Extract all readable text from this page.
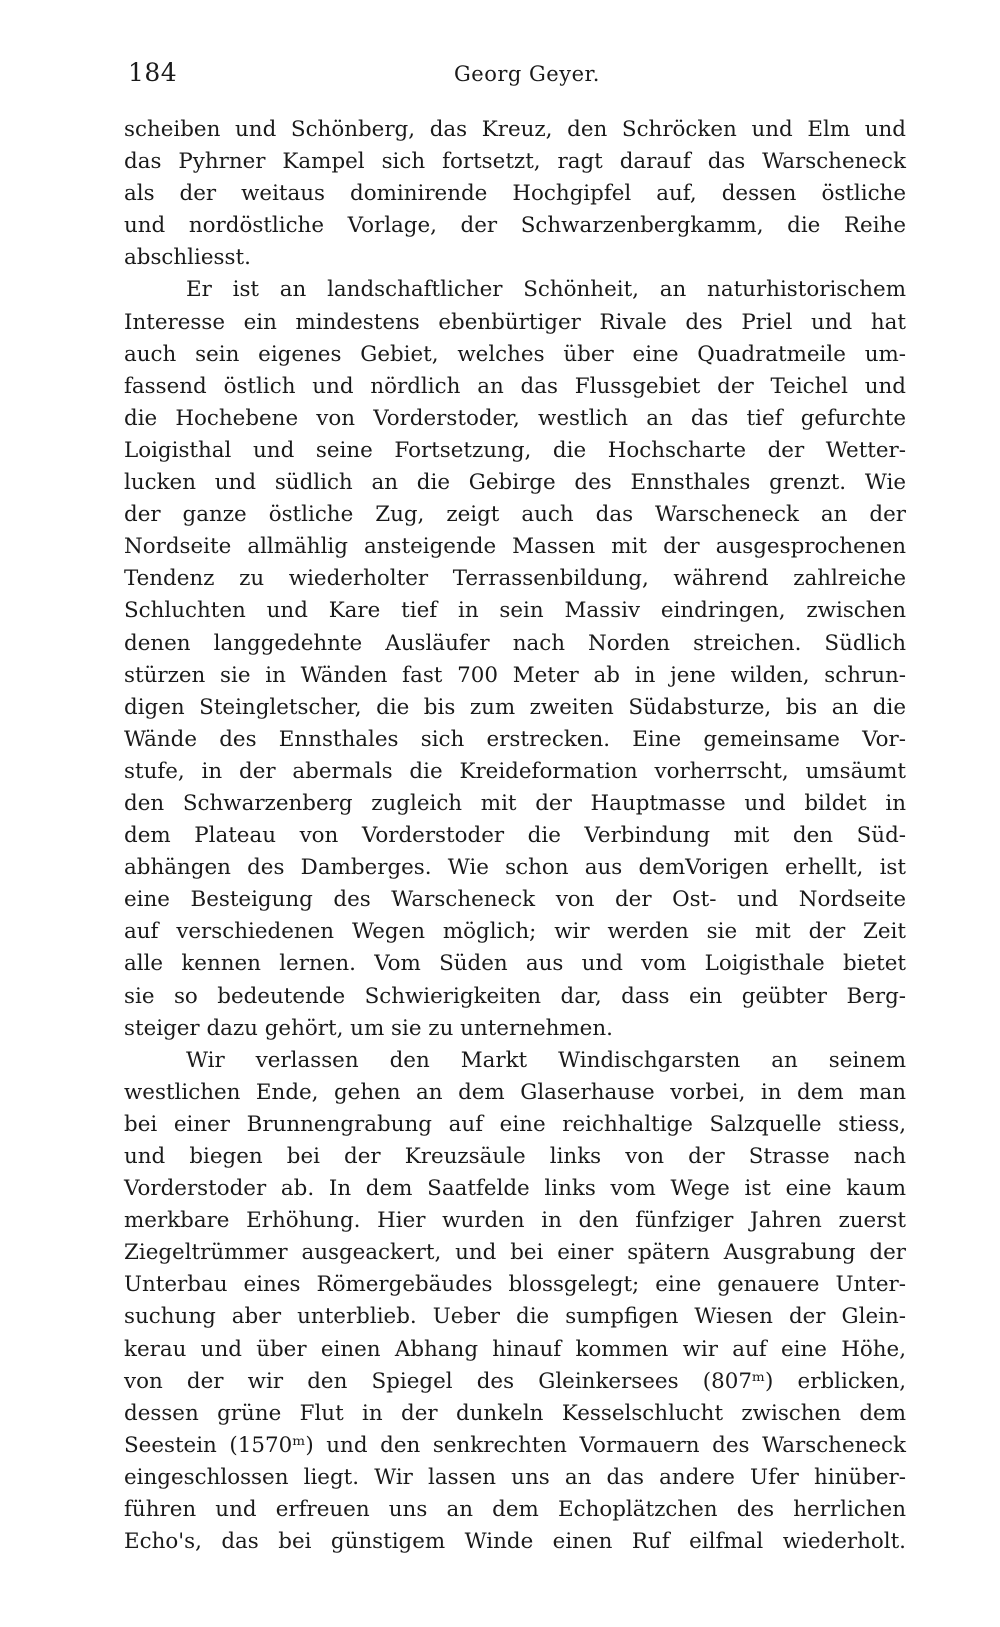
184	Georg Geyer.
scheiben und Schönberg, das Kreuz, den Schröcken und Elm und
das Pyhrner Kampel sich fortsetzt, ragt darauf das Warscheneck
als der weitaus dominirende Hochgipfel auf, dessen östliche
und nordöstliche Vorlage, der Schwarzenbergkamm, die Reihe
abschliesst.
Er ist an landschaftlicher Schönheit, an naturhistorischem
Interesse ein mindestens ebenbürtiger Rivale des Priel und hat
auch sein eigenes Gebiet, welches über eine Quadratmeile um-
fassend östlich und nördlich an das Flussgebiet der Teichel und
die Hochebene von Vorderstoder, westlich an das tief gefurchte
Loigisthal und seine Fortsetzung, die Hochscharte der Wetter-
lucken und südlich an die Gebirge des Ennsthales grenzt. Wie
der ganze östliche Zug, zeigt auch das Warscheneck an der
Nordseite allmählig ansteigende Massen mit der ausgesprochenen
Tendenz zu wiederholter Terrassenbildung, während zahlreiche
Schluchten und Kare tief in sein Massiv eindringen, zwischen
denen langgedehnte Ausläufer nach Norden streichen. Südlich
stürzen sie in Wänden fast 700 Meter ab in jene wilden, schrun-
digen Steingletscher, die bis zum zweiten Südabsturze, bis an die
Wände des Ennsthales sich erstrecken. Eine gemeinsame Vor-
stufe, in der abermals die Kreideformation vorherrscht, umsäumt
den Schwarzenberg zugleich mit der Hauptmasse und bildet in
dem Plateau von Vorderstoder die Verbindung mit den Süd-
abhängen des Damberges. Wie schon aus demVorigen erhellt, ist
eine Besteigung des Warscheneck von der Ost- und Nordseite
auf verschiedenen Wegen möglich; wir werden sie mit der Zeit
alle kennen lernen. Vom Süden aus und vom Loigisthale bietet
sie so bedeutende Schwierigkeiten dar, dass ein geübter Berg-
steiger dazu gehört, um sie zu unternehmen.
Wir verlassen den Markt Windischgarsten an seinem
westlichen Ende, gehen an dem Glaserhause vorbei, in dem man
bei einer Brunnengrabung auf eine reichhaltige Salzquelle stiess,
und biegen bei der Kreuzsäule links von der Strasse nach
Vorderstoder ab. In dem Saatfelde links vom Wege ist eine kaum
merkbare Erhöhung. Hier wurden in den fünfziger Jahren zuerst
Ziegeltrümmer ausgeackert, und bei einer spätern Ausgrabung der
Unterbau eines Römergebäudes blossgelegt; eine genauere Unter-
suchung aber unterblieb. Ueber die sumpfigen Wiesen der Glein-
kerau und über einen Abhang hinauf kommen wir auf eine Höhe,
von der wir den Spiegel des Gleinkersees (807ᵐ) erblicken,
dessen grüne Flut in der dunkeln Kesselschlucht zwischen dem
Seestein (1570ᵐ) und den senkrechten Vormauern des Warscheneck
eingeschlossen liegt. Wir lassen uns an das andere Ufer hinüber-
führen und erfreuen uns an dem Echoplätzchen des herrlichen
Echo's, das bei günstigem Winde einen Ruf eilfmal wiederholt.
